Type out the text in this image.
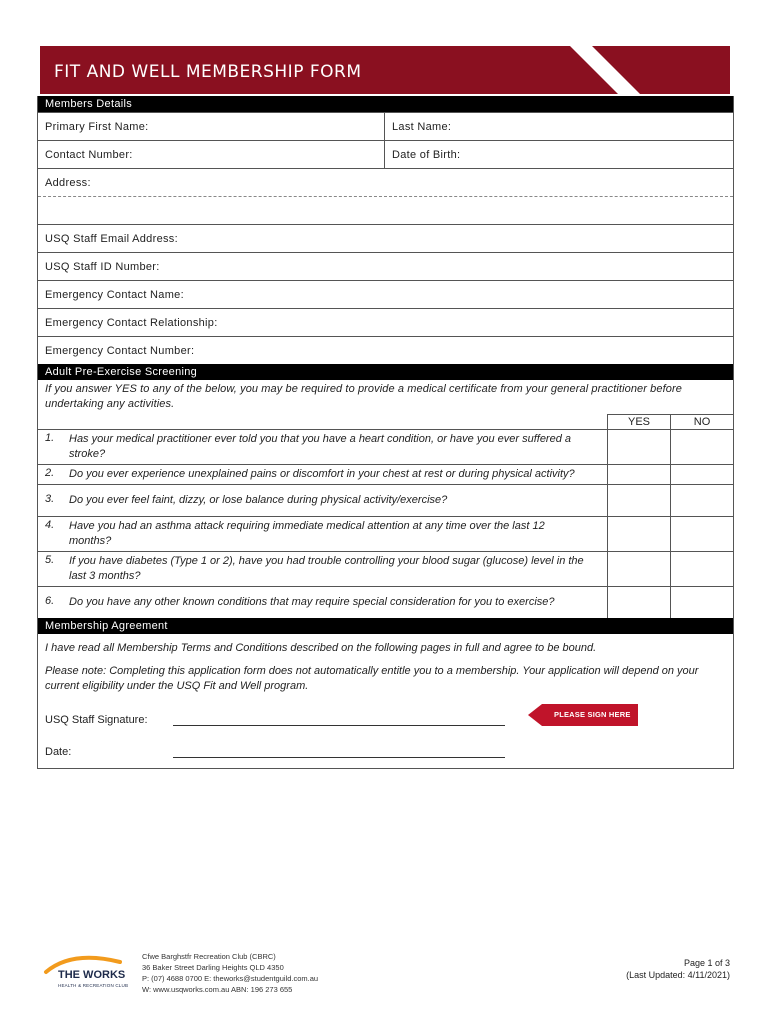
FIT AND WELL MEMBERSHIP FORM
Members Details
Primary First Name:	Last Name:
Contact Number:	Date of Birth:
Address:
USQ Staff Email Address:
USQ Staff ID Number:
Emergency Contact Name:
Emergency Contact Relationship:
Emergency Contact Number:
Adult Pre-Exercise Screening
If you answer YES to any of the below, you may be required to provide a medical certificate from your general practitioner before undertaking any activities.
		YES	NO
1.	Has your medical practitioner ever told you that you have a heart condition, or have you ever suffered a stroke?		
2.	Do you ever experience unexplained pains or discomfort in your chest at rest or during physical activity?		
3.	Do you ever feel faint, dizzy, or lose balance during physical activity/exercise?		
4.	Have you had an asthma attack requiring immediate medical attention at any time over the last 12 months?		
5.	If you have diabetes (Type 1 or 2), have you had trouble controlling your blood sugar (glucose) level in the last 3 months?		
6.	Do you have any other known conditions that may require special consideration for you to exercise?		
Membership Agreement

I have read all Membership Terms and Conditions described on the following pages in full and agree to be bound.

Please note: Completing this application form does not automatically entitle you to a membership. Your application will depend on your current eligibility under the USQ Fit and Well program.

USQ Staff Signature:
Date:
PLEASE SIGN HERE
THE WORKS
HEALTH & RECREATION CLUB
Cfwe Barghstfr Recreation Club (CBRC)
36 Baker Street Darling Heights QLD 4350
P: (07) 4688 0700 E: theworks@studentguild.com.au
W: www.usqworks.com.au ABN: 196 273 655
Page 1 of 3
(Last Updated: 4/11/2021)
